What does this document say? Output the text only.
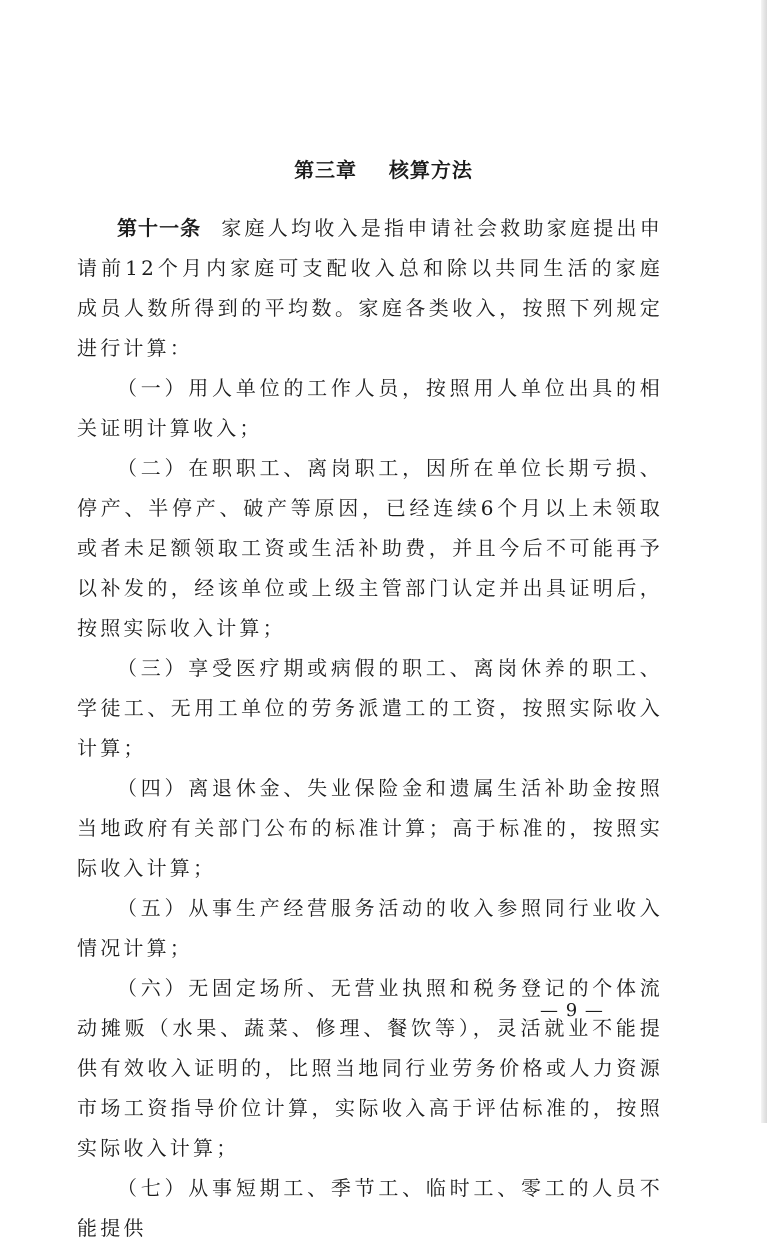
第三章    核算方法

第十一条 家庭人均收入是指申请社会救助家庭提出申请前12个月内家庭可支配收入总和除以共同生活的家庭成员人数所得到的平均数。家庭各类收入，按照下列规定进行计算：

（一）用人单位的工作人员，按照用人单位出具的相关证明计算收入；

（二）在职职工、离岗职工，因所在单位长期亏损、停产、半停产、破产等原因，已经连续6个月以上未领取或者未足额领取工资或生活补助费，并且今后不可能再予以补发的，经该单位或上级主管部门认定并出具证明后，按照实际收入计算；

（三）享受医疗期或病假的职工、离岗休养的职工、学徒工、无用工单位的劳务派遣工的工资，按照实际收入计算；

（四）离退休金、失业保险金和遗属生活补助金按照当地政府有关部门公布的标准计算；高于标准的，按照实际收入计算；

（五）从事生产经营服务活动的收入参照同行业收入情况计算；

（六）无固定场所、无营业执照和税务登记的个体流动摊贩（水果、蔬菜、修理、餐饮等），灵活就业不能提供有效收入证明的，比照当地同行业劳务价格或人力资源市场工资指导价位计算，实际收入高于评估标准的，按照实际收入计算；

（七）从事短期工、季节工、临时工、零工的人员不能提供

— 9 —
